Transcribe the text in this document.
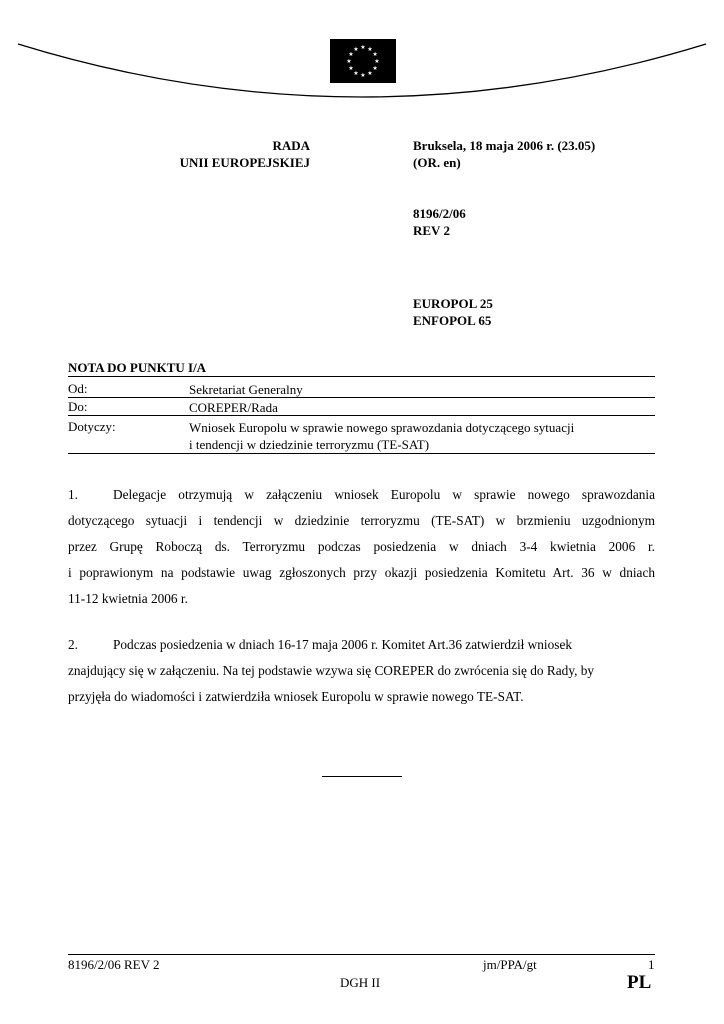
★ ★
★
★
★
★
★
★
★
★
★
★
RADA
UNII EUROPEJSKIEJ
Bruksela, 18 maja 2006 r. (23.05)
(OR. en)
8196/2/06
REV 2
EUROPOL 25
ENFOPOL 65
NOTA DO PUNKTU I/A
Od:	Sekretariat Generalny
Do:	COREPER/Rada
Dotyczy:	Wniosek Europolu w sprawie nowego sprawozdania dotyczącego sytuacji
i tendencji w dziedzinie terroryzmu (TE-SAT)
1.	Delegacje otrzymują w załączeniu wniosek Europolu w sprawie nowego sprawozdania
dotyczącego sytuacji i tendencji w dziedzinie terroryzmu (TE-SAT) w brzmieniu uzgodnionym
przez Grupę Roboczą ds. Terroryzmu podczas posiedzenia w dniach 3-4 kwietnia 2006 r.
i poprawionym na podstawie uwag zgłoszonych przy okazji posiedzenia Komitetu Art. 36 w dniach
11-12 kwietnia 2006 r.
2.	Podczas posiedzenia w dniach 16-17 maja 2006 r. Komitet Art.36 zatwierdził wniosek
znajdujący się w załączeniu. Na tej podstawie wzywa się COREPER do zwrócenia się do Rady, by
przyjęła do wiadomości i zatwierdziła wniosek Europolu w sprawie nowego TE-SAT.
8196/2/06 REV 2	jm/PPA/gt	1
DGH II	PL
